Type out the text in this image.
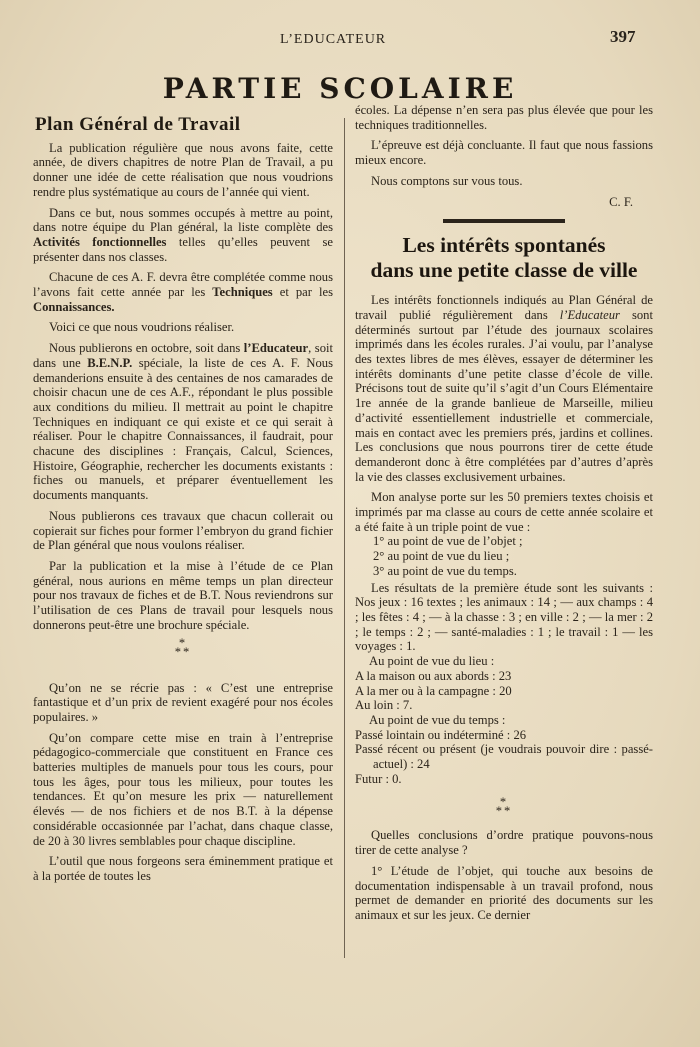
L’EDUCATEUR	397
PARTIE SCOLAIRE
Plan Général de Travail

La publication régulière que nous avons faite, cette année, de divers chapitres de notre Plan de Travail, a pu donner une idée de cette réalisation que nous voudrions rendre plus systématique au cours de l’année qui vient.

Dans ce but, nous sommes occupés à mettre au point, dans notre équipe du Plan général, la liste complète des Activités fonctionnelles telles qu’elles peuvent se présenter dans nos classes.

Chacune de ces A. F. devra être complétée comme nous l’avons fait cette année par les Techniques et par les Connaissances.

Voici ce que nous voudrions réaliser.

Nous publierons en octobre, soit dans l’Educateur, soit dans une B.E.N.P. spéciale, la liste de ces A. F. Nous demanderions ensuite à des centaines de nos camarades de choisir chacun une de ces A.F., répondant le plus possible aux conditions du milieu. Il mettrait au point le chapitre Techniques en indiquant ce qui existe et ce qui serait à réaliser. Pour le chapitre Connaissances, il faudrait, pour chacune des disciplines : Français, Calcul, Sciences, Histoire, Géographie, rechercher les documents existants : fiches ou manuels, et préparer éventuellement les documents manquants.

Nous publierons ces travaux que chacun collerait ou copierait sur fiches pour former l’embryon du grand fichier de Plan général que nous voulons réaliser.

Par la publication et la mise à l’étude de ce Plan général, nous aurions en même temps un plan directeur pour nos travaux de fiches et de B.T. Nous reviendrons sur l’utilisation de ces Plans de travail pour lesquels nous donnerons peut-être une brochure spéciale.

*
**

Qu’on ne se récrie pas : « C’est une entreprise fantastique et d’un prix de revient exagéré pour nos écoles populaires. »

Qu’on compare cette mise en train à l’entreprise pédagogico-commerciale que constituent en France ces batteries multiples de manuels pour tous les cours, pour tous les âges, pour tous les milieux, pour toutes les tendances. Et qu’on mesure les prix — naturellement élevés — de nos fichiers et de nos B.T. à la dépense considérable occasionnée par l’achat, dans chaque classe, de 20 à 30 livres semblables pour chaque discipline.

L’outil que nous forgeons sera éminemment pratique et à la portée de toutes les

écoles. La dépense n’en sera pas plus élevée que pour les techniques traditionnelles.

L’épreuve est déjà concluante. Il faut que nous fassions mieux encore.

Nous comptons sur vous tous.

C. F.

Les intérêts spontanés
dans une petite classe de ville

Les intérêts fonctionnels indiqués au Plan Général de travail publié régulièrement dans l’Educateur sont déterminés surtout par l’étude des journaux scolaires imprimés dans les écoles rurales. J’ai voulu, par l’analyse des textes libres de mes élèves, essayer de déterminer les intérêts dominants d’une petite classe d’école de ville. Précisons tout de suite qu’il s’agit d’un Cours Elémentaire 1re année de la grande banlieue de Marseille, milieu d’activité essentiellement industrielle et commerciale, mais en contact avec les premiers prés, jardins et collines. Les conclusions que nous pourrons tirer de cette étude demanderont donc à être complétées par d’autres d’après la vie des classes exclusivement urbaines.

Mon analyse porte sur les 50 premiers textes choisis et imprimés par ma classe au cours de cette année scolaire et a été faite à un triple point de vue :

1° au point de vue de l’objet ;
2° au point de vue du lieu ;
3° au point de vue du temps.

Les résultats de la première étude sont les suivants : Nos jeux : 16 textes ; les animaux : 14 ; — aux champs : 4 ; les fêtes : 4 ; — à la chasse : 3 ; en ville : 2 ; — la mer : 2 ; le temps : 2 ; — santé-maladies : 1 ; le travail : 1 — les voyages : 1.

Au point de vue du lieu :
A la maison ou aux abords : 23
A la mer ou à la campagne : 20
Au loin : 7.
Au point de vue du temps :
Passé lointain ou indéterminé : 26
Passé récent ou présent (je voudrais pouvoir dire : passé-actuel) : 24
Futur : 0.
*
**

Quelles conclusions d’ordre pratique pouvons-nous tirer de cette analyse ?

1° L’étude de l’objet, qui touche aux besoins de documentation indispensable à un travail profond, nous permet de demander en priorité des documents sur les animaux et sur les jeux. Ce dernier
